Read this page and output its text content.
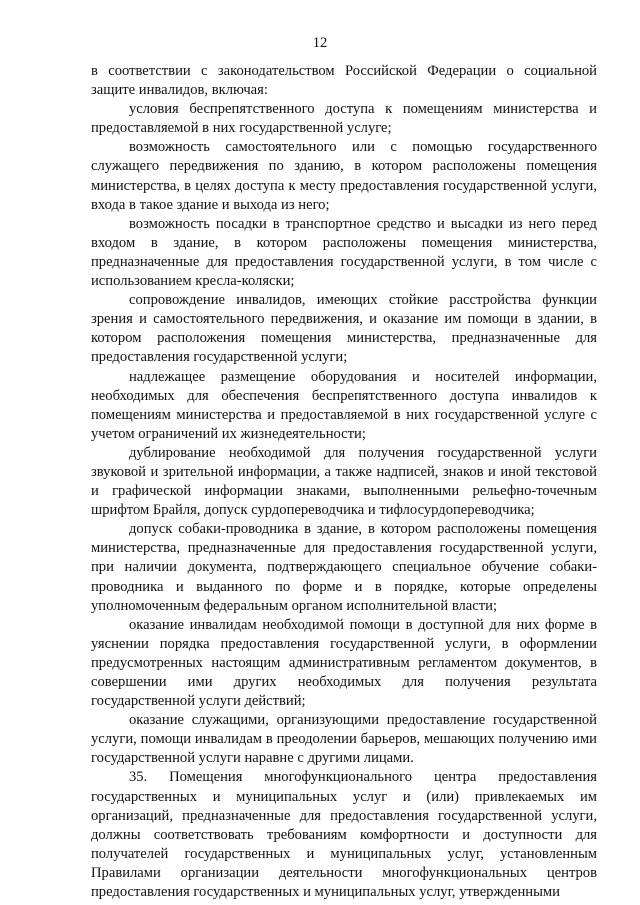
12

в соответствии с законодательством Российской Федерации о социальной защите инвалидов, включая:

условия беспрепятственного доступа к помещениям министерства и предоставляемой в них государственной услуге;

возможность самостоятельного или с помощью государственного служащего передвижения по зданию, в котором расположены помещения министерства, в целях доступа к месту предоставления государственной услуги, входа в такое здание и выхода из него;

возможность посадки в транспортное средство и высадки из него перед входом в здание, в котором расположены помещения министерства, предназначенные для предоставления государственной услуги, в том числе с использованием кресла-коляски;

сопровождение инвалидов, имеющих стойкие расстройства функции зрения и самостоятельного передвижения, и оказание им помощи в здании, в котором расположения помещения министерства, предназначенные для предоставления государственной услуги;

надлежащее размещение оборудования и носителей информации, необходимых для обеспечения беспрепятственного доступа инвалидов к помещениям министерства и предоставляемой в них государственной услуге с учетом ограничений их жизнедеятельности;

дублирование необходимой для получения государственной услуги звуковой и зрительной информации, а также надписей, знаков и иной текстовой и графической информации знаками, выполненными рельефно-точечным шрифтом Брайля, допуск сурдопереводчика и тифлосурдопереводчика;

допуск собаки-проводника в здание, в котором расположены помещения министерства, предназначенные для предоставления государственной услуги, при наличии документа, подтверждающего специальное обучение собаки-проводника и выданного по форме и в порядке, которые определены уполномоченным федеральным органом исполнительной власти;

оказание инвалидам необходимой помощи в доступной для них форме в уяснении порядка предоставления государственной услуги, в оформлении предусмотренных настоящим административным регламентом документов, в совершении ими других необходимых для получения результата государственной услуги действий;

оказание служащими, организующими предоставление государственной услуги, помощи инвалидам в преодолении барьеров, мешающих получению ими государственной услуги наравне с другими лицами.

35. Помещения многофункционального центра предоставления государственных и муниципальных услуг и (или) привлекаемых им организаций, предназначенные для предоставления государственной услуги, должны соответствовать требованиям комфортности и доступности для получателей государственных и муниципальных услуг, установленным Правилами организации деятельности многофункциональных центров предоставления государственных и муниципальных услуг, утвержденными
